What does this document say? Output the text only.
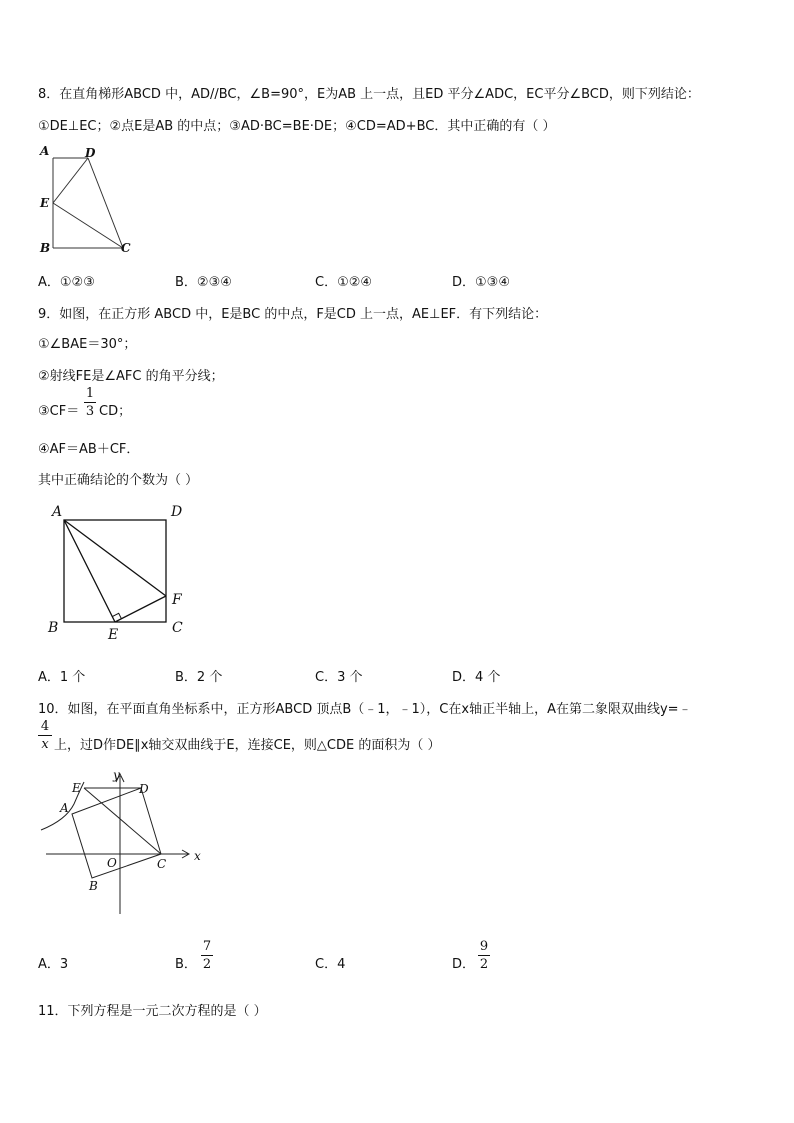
8．在直角梯形ABCD 中，AD//BC，∠B=90°，E为AB 上一点，且ED 平分∠ADC，EC平分∠BCD，则下列结论：
①DE⊥EC；②点E是AB 的中点；③AD·BC=BE·DE；④CD=AD+BC．其中正确的有（ ）
A	D
E
B	C
A．①②③	B．②③④	C．①②④	D．①③④
9．如图，在正方形 ABCD 中，E是BC 的中点，F是CD 上一点，AE⊥EF．有下列结论：
①∠BAE＝30°；
②射线FE是∠AFC 的角平分线；
③CF＝
1
3 CD；
④AF＝AB＋CF．
其中正确结论的个数为（ ）
A	D
F
B	E	C
A．1 个	B．2 个	C．3 个	D．4 个
10．如图，在平面直角坐标系中，正方形ABCD 顶点B（﹣1，﹣1），C在x轴正半轴上，A在第二象限双曲线y=﹣
4
x 上，过D作DE∥x轴交双曲线于E，连接CE，则△CDE 的面积为（ ）
E
y
D
A
O	C
x
B
A．3	B．
7
2	C．4	D．
9
2
11．下列方程是一元二次方程的是（ ）
